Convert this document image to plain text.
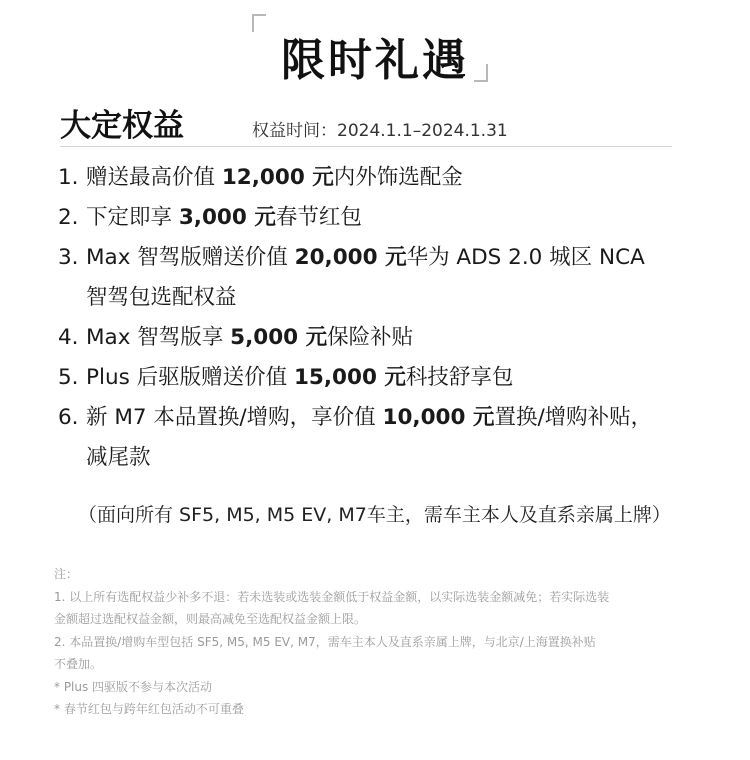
限时礼遇
大定权益	权益时间：2024.1.1–2024.1.31
1. 赠送最高价值 12,000 元内外饰选配金
2. 下定即享 3,000 元春节红包
3. Max 智驾版赠送价值 20,000 元华为 ADS 2.0 城区 NCA
智驾包选配权益
4. Max 智驾版享 5,000 元保险补贴
5. Plus 后驱版赠送价值 15,000 元科技舒享包
6. 新 M7 本品置换/增购，享价值 10,000 元置换/增购补贴，
减尾款
（面向所有 SF5, M5, M5 EV, M7车主，需车主本人及直系亲属上牌）
注：
1. 以上所有选配权益少补多不退：若未选装或选装金额低于权益金额，以实际选装金额减免；若实际选装
金额超过选配权益金额，则最高减免至选配权益金额上限。
2. 本品置换/增购车型包括 SF5, M5, M5 EV, M7，需车主本人及直系亲属上牌，与北京/上海置换补贴
不叠加。
* Plus 四驱版不参与本次活动
* 春节红包与跨年红包活动不可重叠
